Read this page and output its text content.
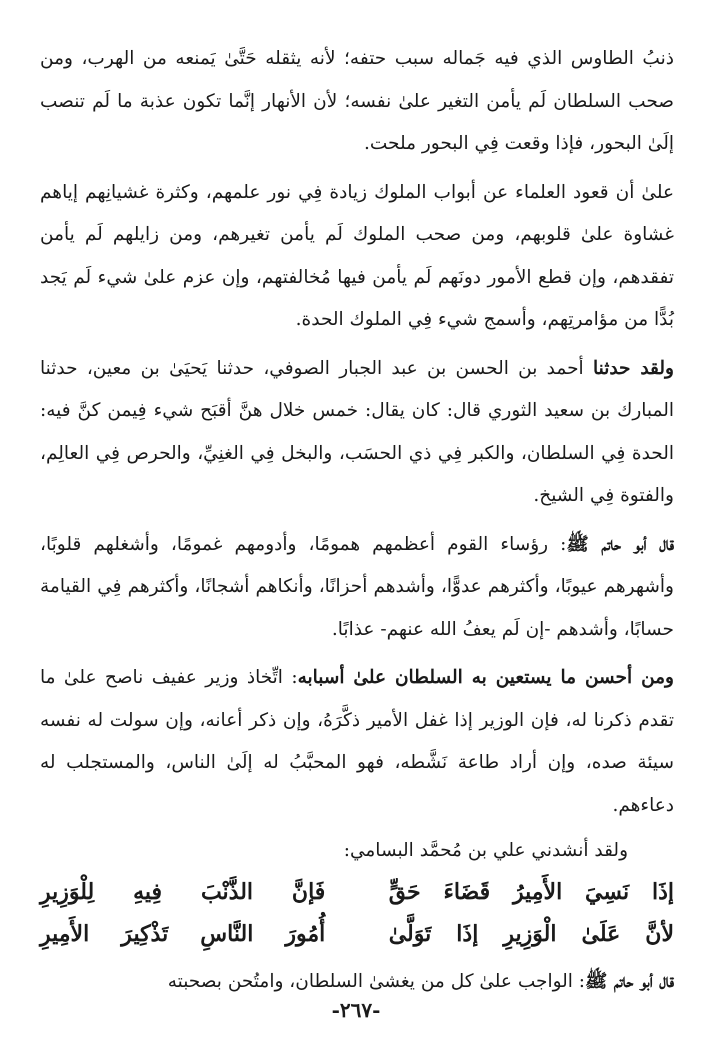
ذنبُ الطاوس الذي فيه جَماله سبب حتفه؛ لأنه يثقله حَتَّىٰ يَمنعه من الهرب، ومن صحب السلطان لَم يأمن التغير علىٰ نفسه؛ لأن الأنهار إنَّما تكون عذبة ما لَم تنصب إلَىٰ البحور، فإذا وقعت فِي البحور ملحت.

علىٰ أن قعود العلماء عن أبواب الملوك زيادة فِي نور علمهم، وكثرة غشيانِهم إياهم غشاوة علىٰ قلوبهم، ومن صحب الملوك لَم يأمن تغيرهم، ومن زايلهم لَم يأمن تفقدهم، وإن قطع الأمور دونَهم لَم يأمن فيها مُخالفتهم، وإن عزم علىٰ شيء لَم يَجد بُدًّا من مؤامرتِهم، وأسمج شيء فِي الملوك الحدة.

ولقد حدثنا أحمد بن الحسن بن عبد الجبار الصوفي، حدثنا يَحيَىٰ بن معين، حدثنا المبارك بن سعيد الثوري قال: كان يقال: خمس خلال هنَّ أقبَح شيء فِيمن كنَّ فيه: الحدة فِي السلطان، والكبر فِي ذي الحسَب، والبخل فِي الغنِيِّ، والحرص فِي العالِم، والفتوة فِي الشيخ.

قال أبو حاتم ﷺ: رؤساء القوم أعظمهم همومًا، وأدومهم غمومًا، وأشغلهم قلوبًا، وأشهرهم عيوبًا، وأكثرهم عدوًّا، وأشدهم أحزانًا، وأنكاهم أشجانًا، وأكثرهم فِي القيامة حسابًا، وأشدهم -إن لَم يعفُ الله عنهم- عذابًا.

ومن أحسن ما يستعين به السلطان علىٰ أسبابه: اتِّخاذ وزير عفيف ناصح علىٰ ما تقدم ذكرنا له، فإن الوزير إذا غفل الأمير ذكَّرَهُ، وإن ذكر أعانه، وإن سولت له نفسه سيئة صده، وإن أراد طاعة نَشَّطه، فهو المحبَّبُ له إلَىٰ الناس، والمستجلب له دعاءهم.

ولقد أنشدني علي بن مُحمَّد البسامي:

إذَا نَسِيَ الأَمِيرُ قَضَاءَ حَقٍّ
فَإنَّ الذَّنْبَ فِيهِ لِلْوَزِيرِ
لأنَّ عَلَىٰ الْوَزِيرِ إذَا تَوَلَّىٰ
أُمُورَ النَّاسِ تَذْكِيرَ الأَمِيرِ

قال أبو حاتم ﷺ: الواجب علىٰ كل من يغشىٰ السلطان، وامتُحن بصحبته

-٢٦٧-
